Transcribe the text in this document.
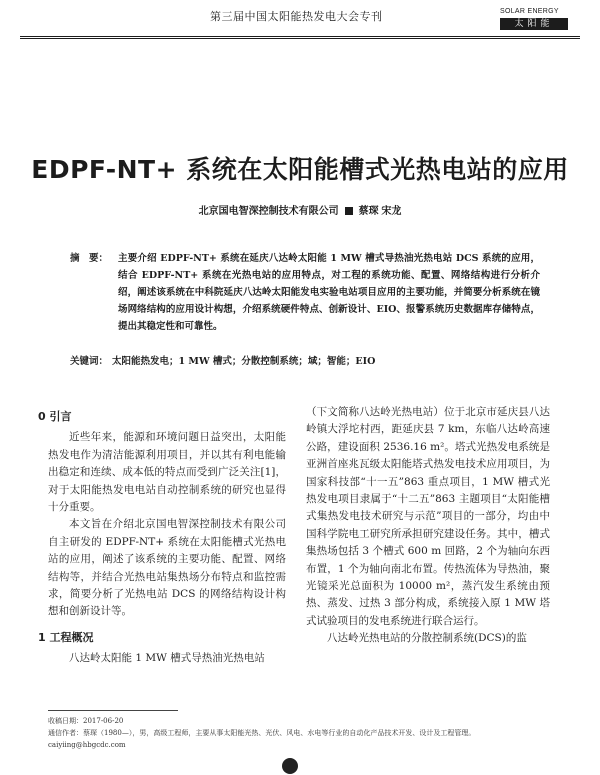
第三届中国太阳能热发电大会专刊	SOLAR ENERGY
太阳能
EDPF-NT+ 系统在太阳能槽式光热电站的应用
北京国电智深控制技术有限公司 蔡琛 宋龙
摘　要： 主要介绍 EDPF-NT+ 系统在延庆八达岭太阳能 1 MW 槽式导热油光热电站 DCS 系统的应用，结合 EDPF-NT+ 系统在光热电站的应用特点，对工程的系统功能、配置、网络结构进行分析介绍，阐述该系统在中科院延庆八达岭太阳能发电实验电站项目应用的主要功能，并简要分析系统在镜场网络结构的应用设计构想，介绍系统硬件特点、创新设计、EIO、报警系统历史数据库存储特点，提出其稳定性和可靠性。
关键词： 太阳能热发电；1 MW 槽式；分散控制系统；域；智能；EIO
0 引言

近些年来，能源和环境问题日益突出，太阳能热发电作为清洁能源利用项目，并以其有利电能输出稳定和连续、成本低的特点而受到广泛关注[1]，对于太阳能热发电电站自动控制系统的研究也显得十分重要。

本文旨在介绍北京国电智深控制技术有限公司自主研发的 EDPF-NT+ 系统在太阳能槽式光热电站的应用，阐述了该系统的主要功能、配置、网络结构等，并结合光热电站集热场分布特点和监控需求，简要分析了光热电站 DCS 的网络结构设计构想和创新设计等。

1 工程概况

八达岭太阳能 1 MW 槽式导热油光热电站

（下文简称八达岭光热电站）位于北京市延庆县八达岭镇大浮坨村西，距延庆县 7 km，东临八达岭高速公路，建设面积 2536.16 m²。塔式光热发电系统是亚洲首座兆瓦级太阳能塔式热发电技术应用项目，为国家科技部“十一五”863 重点项目，1 MW 槽式光热发电项目隶属于“十二五”863 主题项目“太阳能槽式集热发电技术研究与示范”项目的一部分，均由中国科学院电工研究所承担研究建设任务。其中，槽式集热场包括 3 个槽式 600 m 回路，2 个为轴向东西布置，1 个为轴向南北布置。传热流体为导热油，聚光镜采光总面积为 10000 m²，蒸汽发生系统由预热、蒸发、过热 3 部分构成，系统接入原 1 MW 塔式试验项目的发电系统进行联合运行。

八达岭光热电站的分散控制系统(DCS)的监

收稿日期：2017-06-20
通信作者：蔡琛（1980—），男，高级工程师，主要从事太阳能光热、光伏、风电、水电等行业的自动化产品技术开发、设计及工程管理。
caiyiing@hbgcdc.com
